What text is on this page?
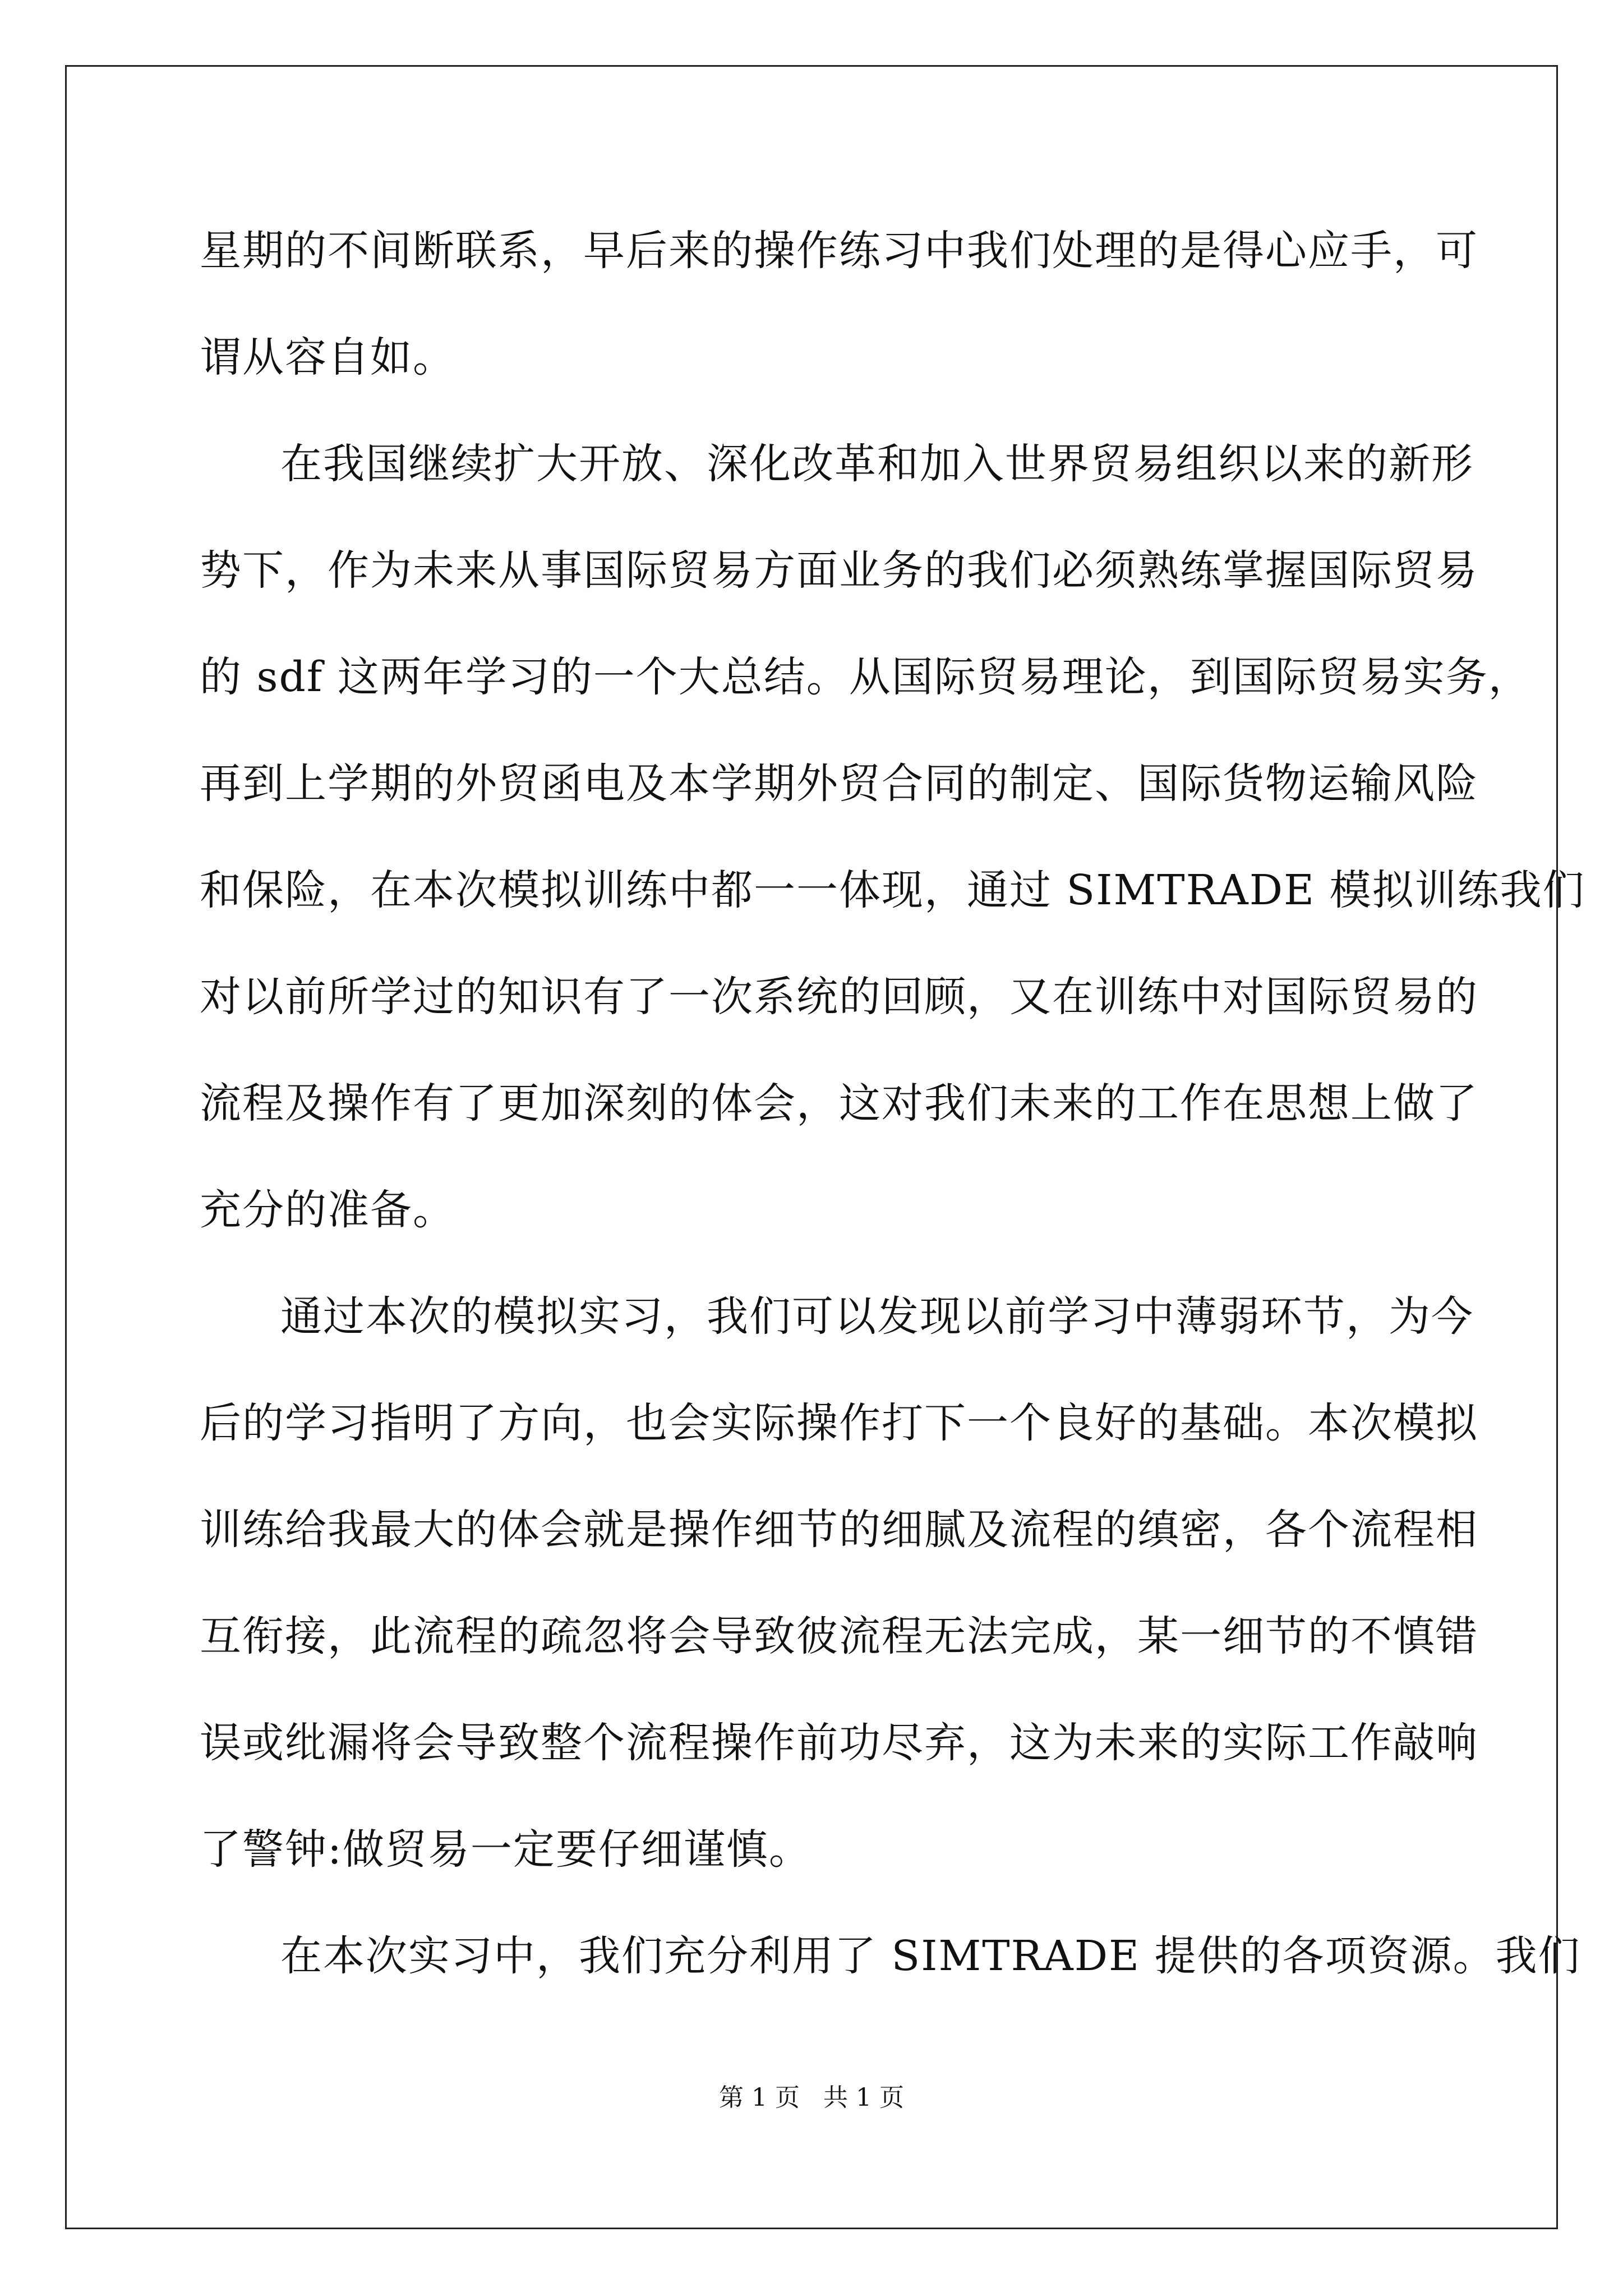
星期的不间断联系，早后来的操作练习中我们处理的是得心应手，可
谓从容自如。
在我国继续扩大开放、深化改革和加入世界贸易组织以来的新形
势下，作为未来从事国际贸易方面业务的我们必须熟练掌握国际贸易
的 sdf 这两年学习的一个大总结。从国际贸易理论，到国际贸易实务，
再到上学期的外贸函电及本学期外贸合同的制定、国际货物运输风险
和保险，在本次模拟训练中都一一体现，通过 SIMTRADE 模拟训练我们
对以前所学过的知识有了一次系统的回顾，又在训练中对国际贸易的
流程及操作有了更加深刻的体会，这对我们未来的工作在思想上做了
充分的准备。
通过本次的模拟实习，我们可以发现以前学习中薄弱环节，为今
后的学习指明了方向，也会实际操作打下一个良好的基础。本次模拟
训练给我最大的体会就是操作细节的细腻及流程的缜密，各个流程相
互衔接，此流程的疏忽将会导致彼流程无法完成，某一细节的不慎错
误或纰漏将会导致整个流程操作前功尽弃，这为未来的实际工作敲响
了警钟:做贸易一定要仔细谨慎。
在本次实习中，我们充分利用了 SIMTRADE 提供的各项资源。我们
第 1 页   共 1 页
